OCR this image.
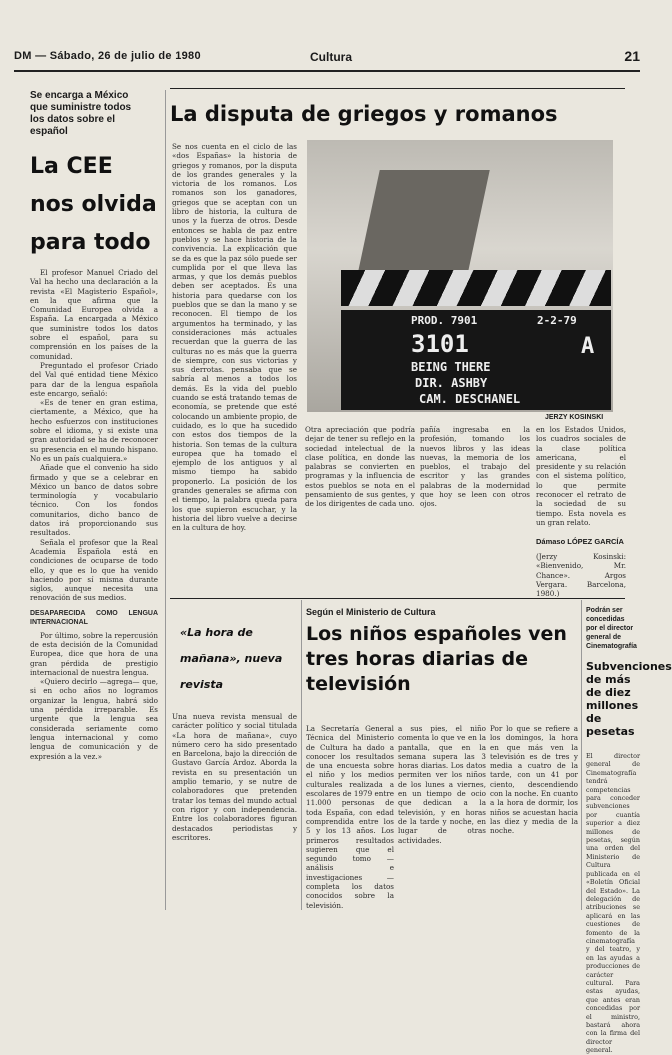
DM — Sábado, 26 de julio de 1980	Cultura	21
Se encarga a México que suministre todos los datos sobre el español
La CEE nos olvida para todo

El profesor Manuel Criado del Val ha hecho una declaración a la revista «El Magisterio Español», en la que afirma que la Comunidad Europea olvida a España. La encargada a México que suministre todos los datos sobre el español, para su comprensión en los países de la comunidad.

Preguntado el profesor Criado del Val qué entidad tiene México para dar de la lengua española este encargo, señaló:

«Es de tener en gran estima, ciertamente, a México, que ha hecho esfuerzos con instituciones sobre el idioma, y si existe una gran autoridad se ha de reconocer su presencia en el mundo hispano. No es un país cualquiera.»

Añade que el convenio ha sido firmado y que se a celebrar en México un banco de datos sobre terminología y vocabulario técnico. Con los fondos comunitarios, dicho banco de datos irá proporcionando sus resultados.

Señala el profesor que la Real Academia Española está en condiciones de ocuparse de todo ello, y que es lo que ha venido haciendo por sí misma durante siglos, aunque necesita una renovación de sus medios.

DESAPARECIDA COMO LENGUA INTERNACIONAL

Por último, sobre la repercusión de esta decisión de la Comunidad Europea, dice que hora de una gran pérdida de prestigio internacional de nuestra lengua.

«Quiero decirlo —agrega— que, si en ocho años no logramos organizar la lengua, habrá sido una pérdida irreparable. Es urgente que la lengua sea considerada seriamente como lengua internacional y como lengua de comunicación y de expresión a la vez.»

La disputa de griegos y romanos
Se nos cuenta en el ciclo de las «dos Españas» la historia de griegos y romanos, por la disputa de los grandes generales y la victoria de los romanos. Los romanos son los ganadores, griegos que se aceptan con un libro de historia, la cultura de unos y la fuerza de otros. Desde entonces se habla de paz entre pueblos y se hace historia de la convivencia. La explicación que se da es que la paz sólo puede ser cumplida por el que lleva las armas, y que los demás pueblos deben ser aceptados. Es una historia para quedarse con los pueblos que se dan la mano y se reconocen. El tiempo de los argumentos ha terminado, y las consideraciones más actuales recuerdan que la guerra de las culturas no es más que la guerra de siempre, con sus victorias y sus derrotas. pensaba que se sabría al menos a todos los demás. Es la vida del pueblo cuando se está tratando temas de economía, se pretende que esté colocando un ambiente propio, de cuidado, es lo que ha sucedido con estos dos tiempos de la historia. Son temas de la cultura europea que ha tomado el ejemplo de los antiguos y al mismo tiempo ha sabido proponerlo. La posición de los grandes generales se afirma con el tiempo, la palabra queda para los que supieron escuchar, y la historia del libro vuelve a decirse en la cultura de hoy.
PROD. 7901	2-2-79
3101	A
BEING THERE
DIR. ASHBY
CAM. DESCHANEL
JERZY KOSINSKI
Otra apreciación que podría dejar de tener su reflejo en la sociedad intelectual de la clase política, en donde las palabras se convierten en programas y la influencia de estos pueblos se nota en el pensamiento de sus gentes, y de los dirigentes de cada uno.
pañía ingresaba en la profesión, tomando los nuevos libros y las ideas nuevas, la memoria de los pueblos, el trabajo del escritor y las grandes palabras de la modernidad que hoy se leen con otros ojos.
en los Estados Unidos, los cuadros sociales de la clase política americana, el presidente y su relación con el sistema político, lo que permite reconocer el retrato de la sociedad de su tiempo. Esta novela es un gran relato.
Dámaso LÓPEZ GARCÍA
(Jerzy Kosinski: «Bienvenido, Mr. Chance». Argos Vergara. Barcelona, 1980.)
«La hora de mañana», nueva revista
Una nueva revista mensual de carácter político y social titulada «La hora de mañana», cuyo número cero ha sido presentado en Barcelona, bajo la dirección de Gustavo García Ardoz. Aborda la revista en su presentación un amplio temario, y se nutre de colaboradores que pretenden tratar los temas del mundo actual con rigor y con independencia. Entre los colaboradores figuran destacados periodistas y escritores.
Según el Ministerio de Cultura
Los niños españoles ven tres horas diarias de televisión
La Secretaría General Técnica del Ministerio de Cultura ha dado a conocer los resultados de una encuesta sobre el niño y los medios culturales realizada a escolares de 1979 entre 11.000 personas de toda España, con edad comprendida entre los 5 y los 13 años. Los primeros resultados sugieren que el segundo tomo — análisis e investigaciones — completa los datos conocidos sobre la televisión.
a sus pies, el niño comenta lo que ve en la pantalla, que en la semana supera las 3 horas diarias. Los datos permiten ver los niños de los lunes a viernes, en un tiempo de ocio que dedican a la televisión, y en horas de la tarde y noche, en lugar de otras actividades.
Por lo que se refiere a los domingos, la hora en que más ven la televisión es de tres y media a cuatro de la tarde, con un 41 por ciento, descendiendo con la noche. En cuanto a la hora de dormir, los niños se acuestan hacia las diez y media de la noche.
Podrán ser concedidas por el director general de Cinematografía
Subvenciones de más de diez millones de pesetas
El director general de Cinematografía tendrá competencias para conceder subvenciones por cuantía superior a diez millones de pesetas, según una orden del Ministerio de Cultura publicada en el «Boletín Oficial del Estado». La delegación de atribuciones se aplicará en las cuestiones de fomento de la cinematografía y del teatro, y en las ayudas a producciones de carácter cultural. Para estas ayudas, que antes eran concedidas por el ministro, bastará ahora con la firma del director general.
